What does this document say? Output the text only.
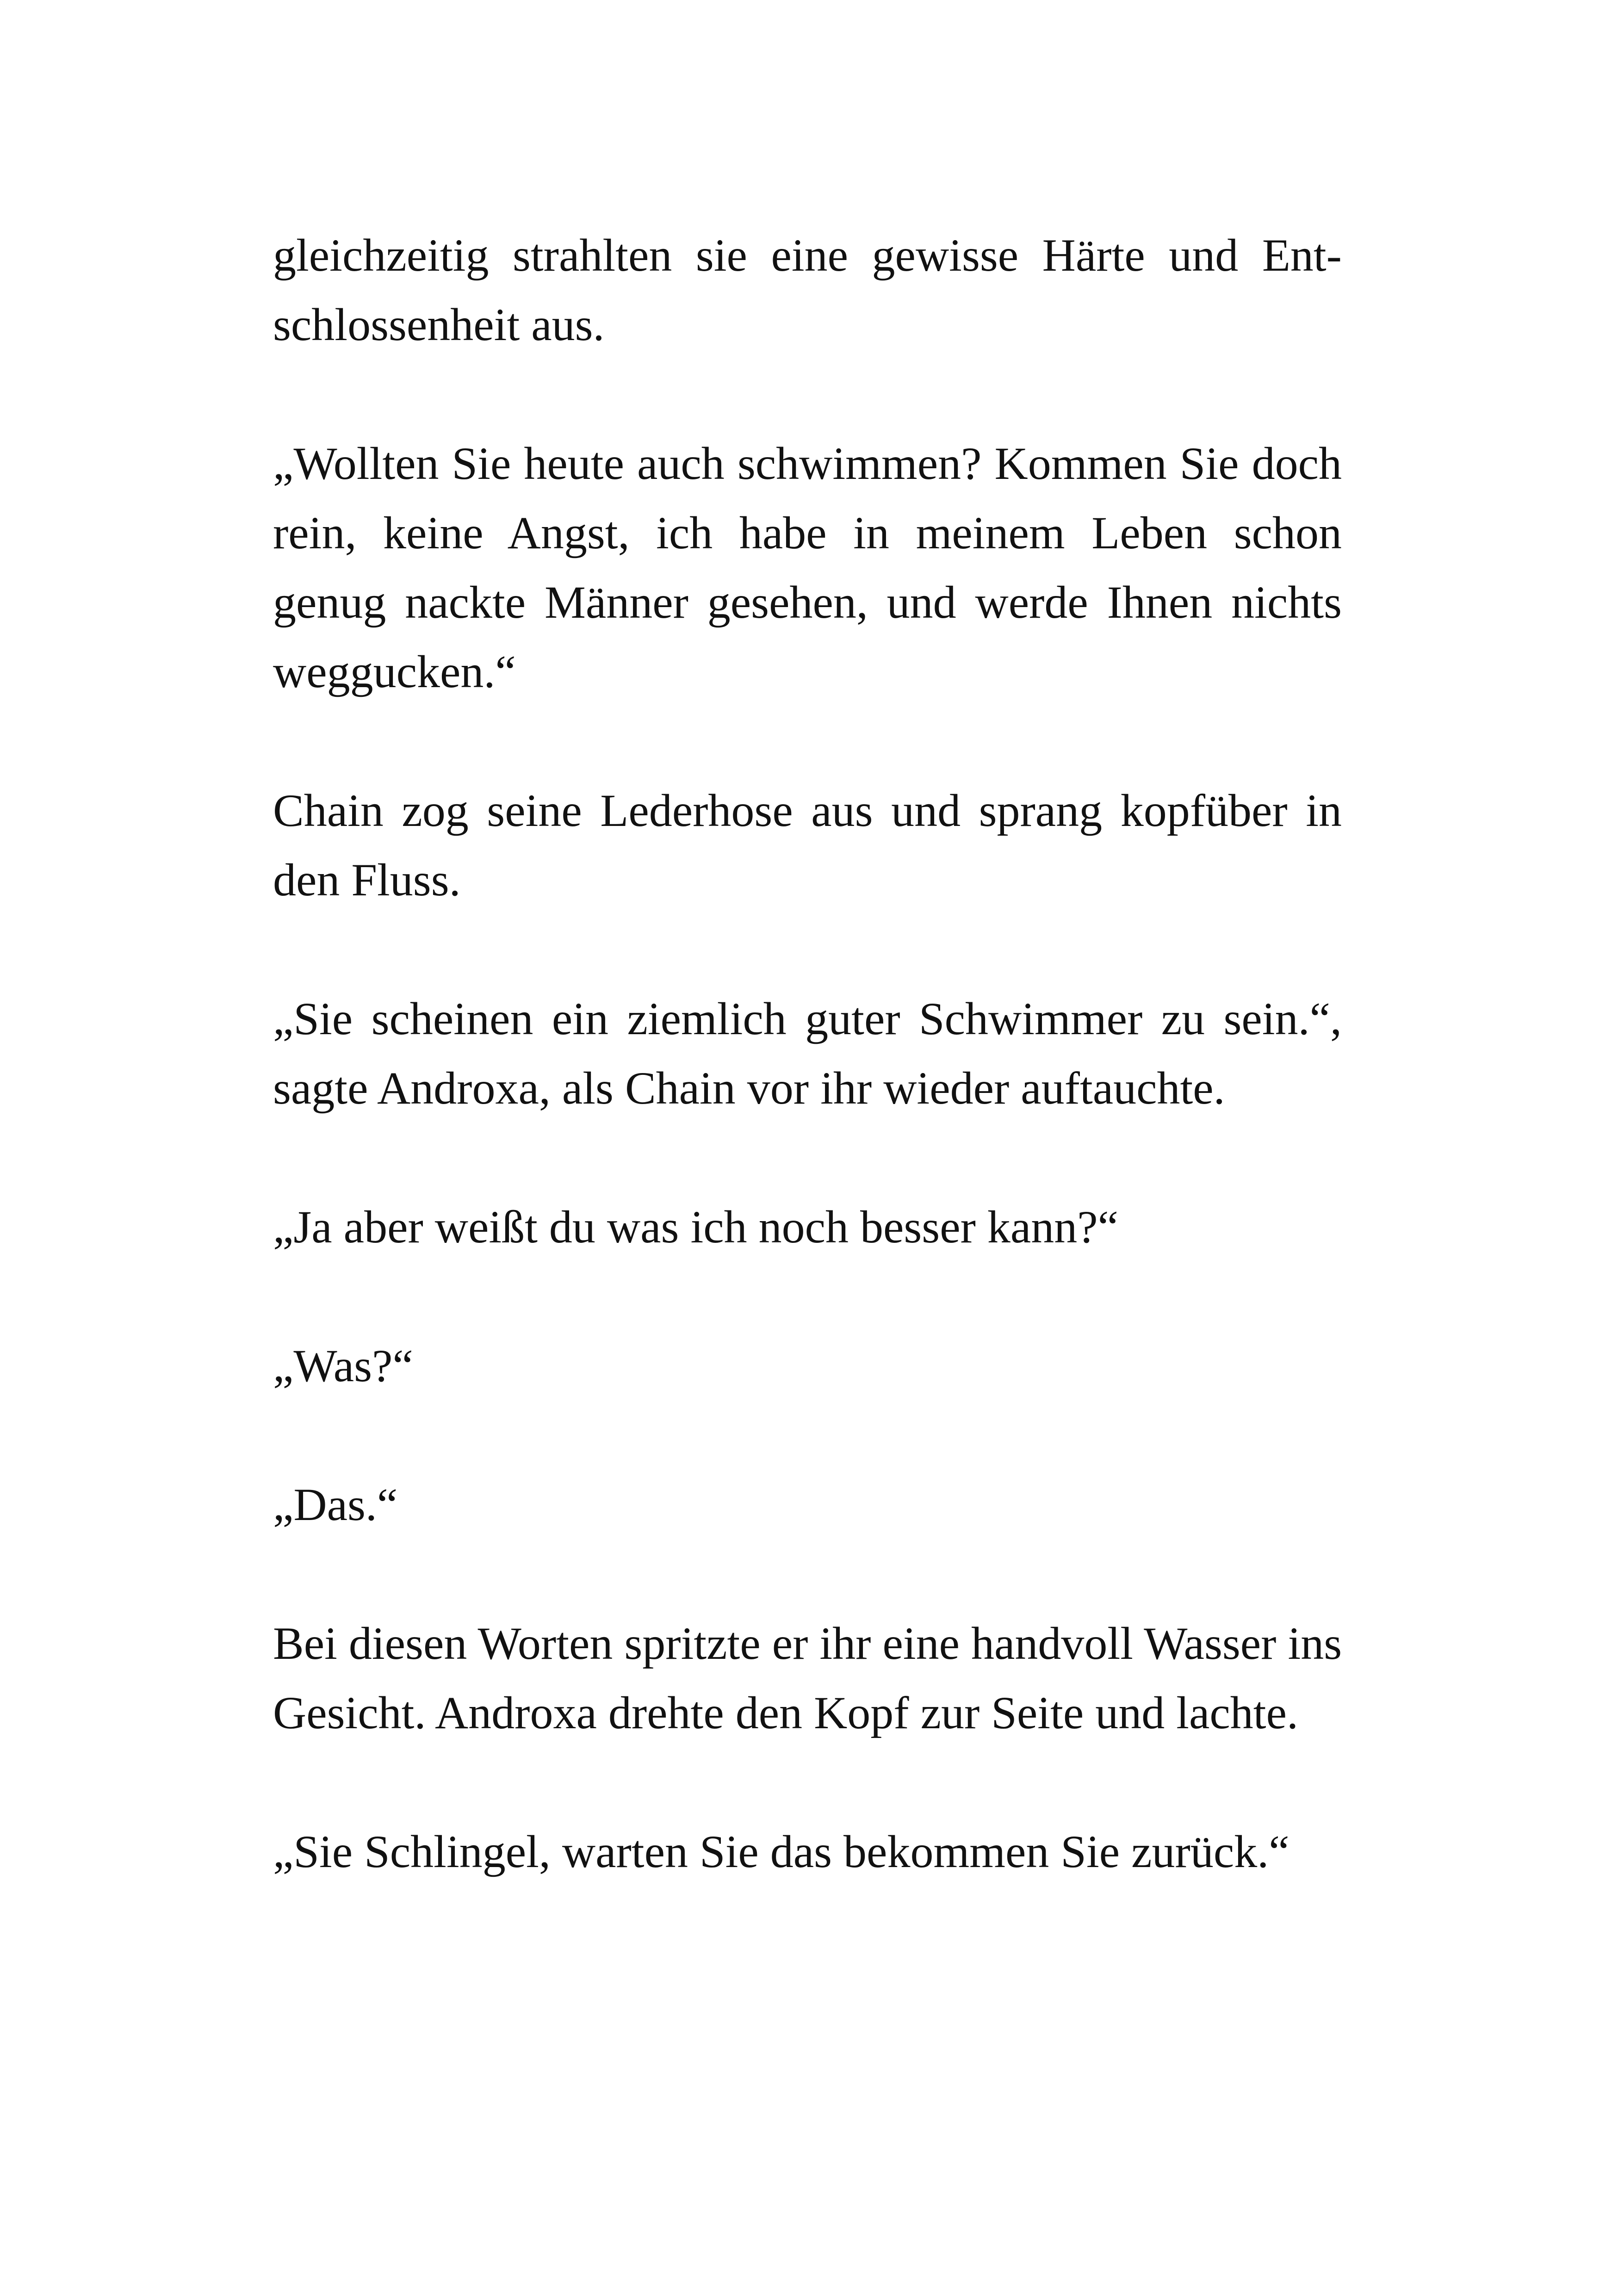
gleichzeitig strahlten sie eine gewisse Härte und Ent-

schlossenheit aus.

„Wollten Sie heute auch schwimmen? Kommen Sie doch

rein, keine Angst, ich habe in meinem Leben schon

genug nackte Männer gesehen, und werde Ihnen nichts

weggucken.“

Chain zog seine Lederhose aus und sprang kopfüber in

den Fluss.

„Sie scheinen ein ziemlich guter Schwimmer zu sein.“,

sagte Androxa, als Chain vor ihr wieder auftauchte.

„Ja aber weißt du was ich noch besser kann?“

„Was?“

„Das.“

Bei diesen Worten spritzte er ihr eine handvoll Wasser ins

Gesicht. Androxa drehte den Kopf zur Seite und lachte.

„Sie Schlingel, warten Sie das bekommen Sie zurück.“
